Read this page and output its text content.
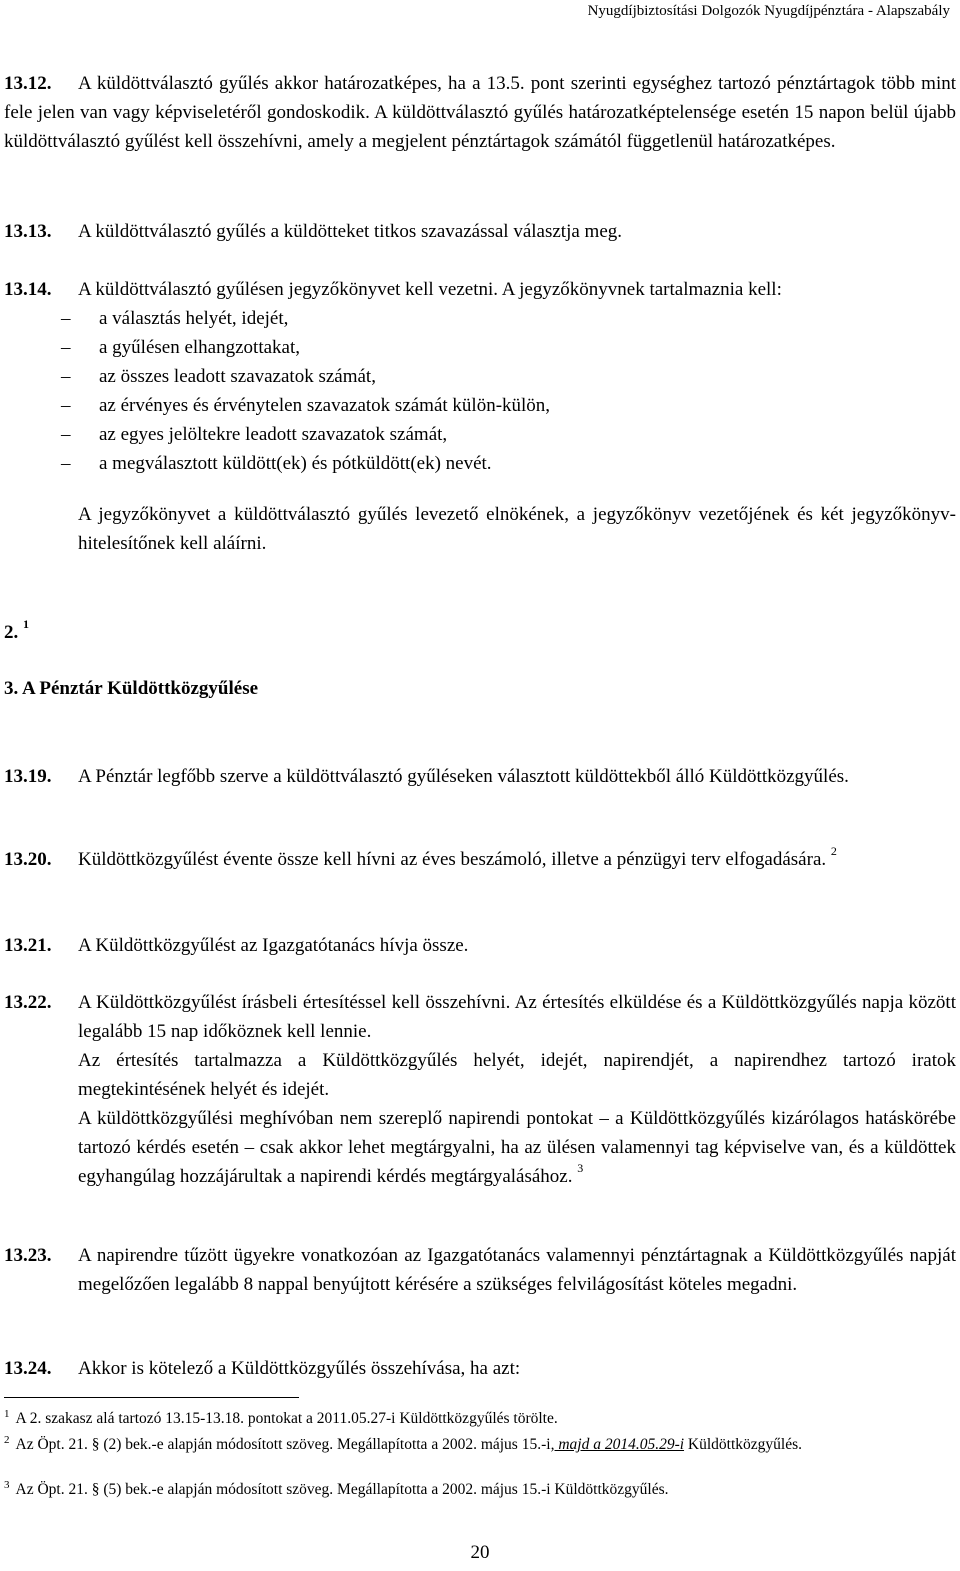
Nyugdíjbiztosítási Dolgozók Nyugdíjpénztára - Alapszabály
13.12.	A küldöttválasztó gyűlés akkor határozatképes, ha a 13.5. pont szerinti egységhez tartozó pénztártagok több mint fele jelen van vagy képviseletéről gondoskodik. A küldöttválasztó gyűlés határozatképtelensége esetén 15 napon belül újabb küldöttválasztó gyűlést kell összehívni, amely a megjelent pénztártagok számától függetlenül határozatképes.
13.13. A küldöttválasztó gyűlés a küldötteket titkos szavazással választja meg.
13.14. A küldöttválasztó gyűlésen jegyzőkönyvet kell vezetni. A jegyzőkönyvnek tartalmaznia kell:
– a választás helyét, idejét,
– a gyűlésen elhangzottakat,
– az összes leadott szavazatok számát,
– az érvényes és érvénytelen szavazatok számát külön-külön,
– az egyes jelöltekre leadott szavazatok számát,
– a megválasztott küldött(ek) és pótküldött(ek) nevét.
A jegyzőkönyvet a küldöttválasztó gyűlés levezető elnökének, a jegyzőkönyv vezetőjének és két jegyzőkönyv-hitelesítőnek kell aláírni.
2. $^1$
3. A Pénztár Küldöttközgyűlése
13.19. A Pénztár legfőbb szerve a küldöttválasztó gyűléseken választott küldöttekből álló Küldöttközgyűlés.
13.20. Küldöttközgyűlést évente össze kell hívni az éves beszámoló, illetve a pénzügyi terv elfogadására. $^2$
13.21. A Küldöttközgyűlést az Igazgatótanács hívja össze.
13.22. A Küldöttközgyűlést írásbeli értesítéssel kell összehívni. Az értesítés elküldése és a Küldöttközgyűlés napja között legalább 15 nap időköznek kell lennie.
Az értesítés tartalmazza a Küldöttközgyűlés helyét, idejét, napirendjét, a napirendhez tartozó iratok megtekintésének helyét és idejét.
A küldöttközgyűlési meghívóban nem szereplő napirendi pontokat – a Küldöttközgyűlés kizárólagos hatáskörébe tartozó kérdés esetén – csak akkor lehet megtárgyalni, ha az ülésen valamennyi tag képviselve van, és a küldöttek egyhangúlag hozzájárultak a napirendi kérdés megtárgyalásához. $^3$
13.23. A napirendre tűzött ügyekre vonatkozóan az Igazgatótanács valamennyi pénztártagnak a Küldöttközgyűlés napját megelőzően legalább 8 nappal benyújtott kérésére a szükséges felvilágosítást köteles megadni.
13.24. Akkor is kötelező a Küldöttközgyűlés összehívása, ha azt:
$^1$ A 2. szakasz alá tartozó 13.15-13.18. pontokat a 2011.05.27-i Küldöttközgyűlés törölte.
$^2$ Az Öpt. 21. § (2) bek.-e alapján módosított szöveg. Megállapította a 2002. május 15.-i, majd a 2014.05.29-i Küldöttközgyűlés.
$^3$ Az Öpt. 21. § (5) bek.-e alapján módosított szöveg. Megállapította a 2002. május 15.-i Küldöttközgyűlés.
20
